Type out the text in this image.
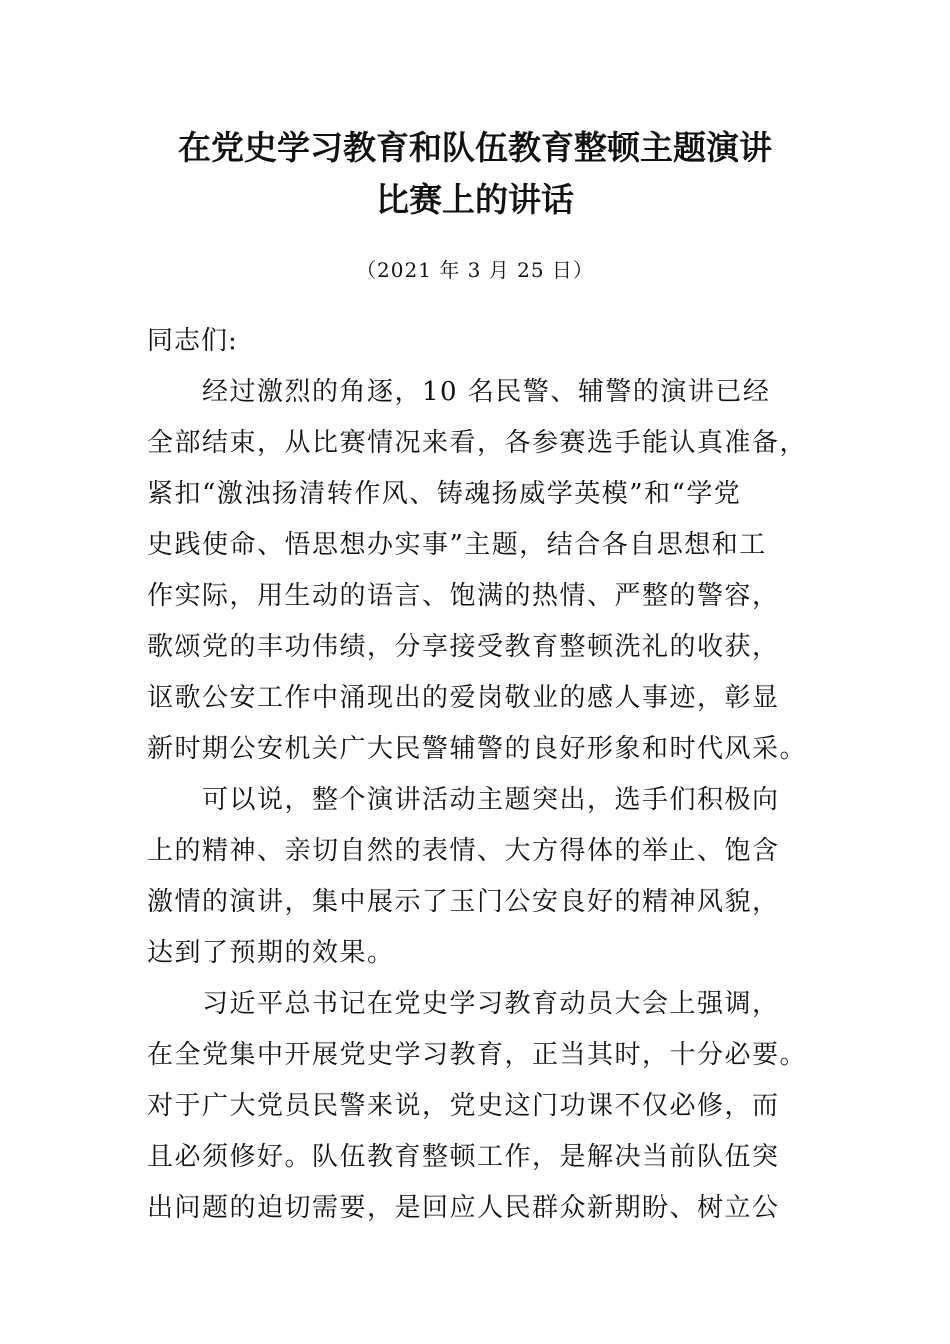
在党史学习教育和队伍教育整顿主题演讲
比赛上的讲话
（2021 年 3 月 25 日）
同志们:
　　经过激烈的角逐，10 名民警、辅警的演讲已经
全部结束，从比赛情况来看，各参赛选手能认真准备，
紧扣“激浊扬清转作风、铸魂扬威学英模”和“学党
史践使命、悟思想办实事”主题，结合各自思想和工
作实际，用生动的语言、饱满的热情、严整的警容，
歌颂党的丰功伟绩，分享接受教育整顿洗礼的收获，
讴歌公安工作中涌现出的爱岗敬业的感人事迹，彰显
新时期公安机关广大民警辅警的良好形象和时代风采。
　　可以说，整个演讲活动主题突出，选手们积极向
上的精神、亲切自然的表情、大方得体的举止、饱含
激情的演讲，集中展示了玉门公安良好的精神风貌，
达到了预期的效果。
　　习近平总书记在党史学习教育动员大会上强调，
在全党集中开展党史学习教育，正当其时，十分必要。
对于广大党员民警来说，党史这门功课不仅必修，而
且必须修好。队伍教育整顿工作，是解决当前队伍突
出问题的迫切需要，是回应人民群众新期盼、树立公
